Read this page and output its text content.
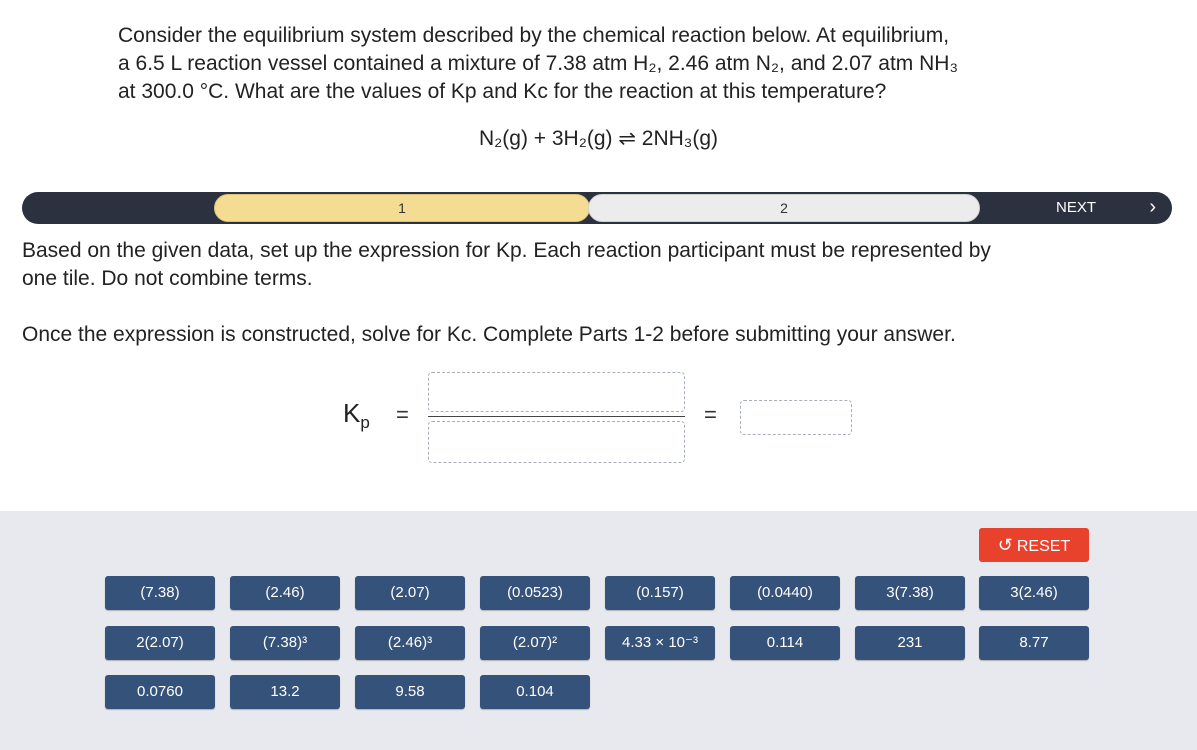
Consider the equilibrium system described by the chemical reaction below. At equilibrium,
a 6.5 L reaction vessel contained a mixture of 7.38 atm H₂, 2.46 atm N₂, and 2.07 atm NH₃
at 300.0 °C. What are the values of Kp and Kc for the reaction at this temperature?
N₂(g) + 3H₂(g) ⇌ 2NH₃(g)
1	2	NEXT	›
Based on the given data, set up the expression for Kp. Each reaction participant must be represented by
one tile. Do not combine terms.
Once the expression is constructed, solve for Kc. Complete Parts 1-2 before submitting your answer.
$K_p$ =	=
↺ RESET
(7.38)	(2.46)	(2.07)	(0.0523)	(0.157)	(0.0440)	3(7.38)	3(2.46)
2(2.07)	(7.38)³	(2.46)³	(2.07)²	4.33 × 10⁻³	0.114	231	8.77
0.0760	13.2	9.58	0.104
